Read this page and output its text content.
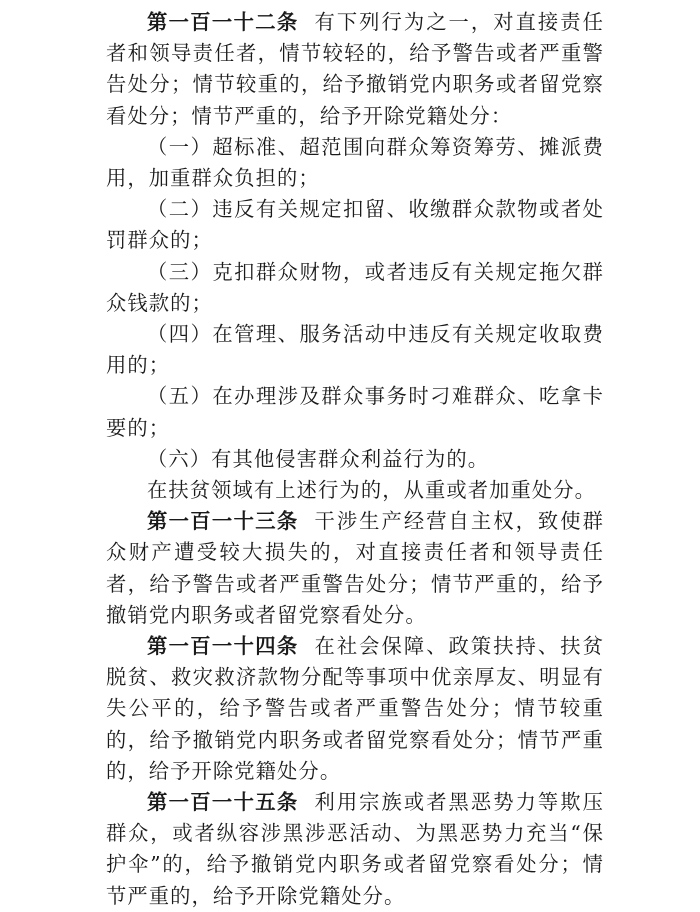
第一百一十二条 有下列行为之一，对直接责任者和领导责任者，情节较轻的，给予警告或者严重警告处分；情节较重的，给予撤销党内职务或者留党察看处分；情节严重的，给予开除党籍处分：

（一）超标准、超范围向群众筹资筹劳、摊派费用，加重群众负担的；

（二）违反有关规定扣留、收缴群众款物或者处罚群众的；

（三）克扣群众财物，或者违反有关规定拖欠群众钱款的；

（四）在管理、服务活动中违反有关规定收取费用的；

（五）在办理涉及群众事务时刁难群众、吃拿卡要的；

（六）有其他侵害群众利益行为的。

在扶贫领域有上述行为的，从重或者加重处分。

第一百一十三条 干涉生产经营自主权，致使群众财产遭受较大损失的，对直接责任者和领导责任者，给予警告或者严重警告处分；情节严重的，给予撤销党内职务或者留党察看处分。

第一百一十四条 在社会保障、政策扶持、扶贫脱贫、救灾救济款物分配等事项中优亲厚友、明显有失公平的，给予警告或者严重警告处分；情节较重的，给予撤销党内职务或者留党察看处分；情节严重的，给予开除党籍处分。

第一百一十五条 利用宗族或者黑恶势力等欺压群众，或者纵容涉黑涉恶活动、为黑恶势力充当“保护伞”的，给予撤销党内职务或者留党察看处分；情节严重的，给予开除党籍处分。
